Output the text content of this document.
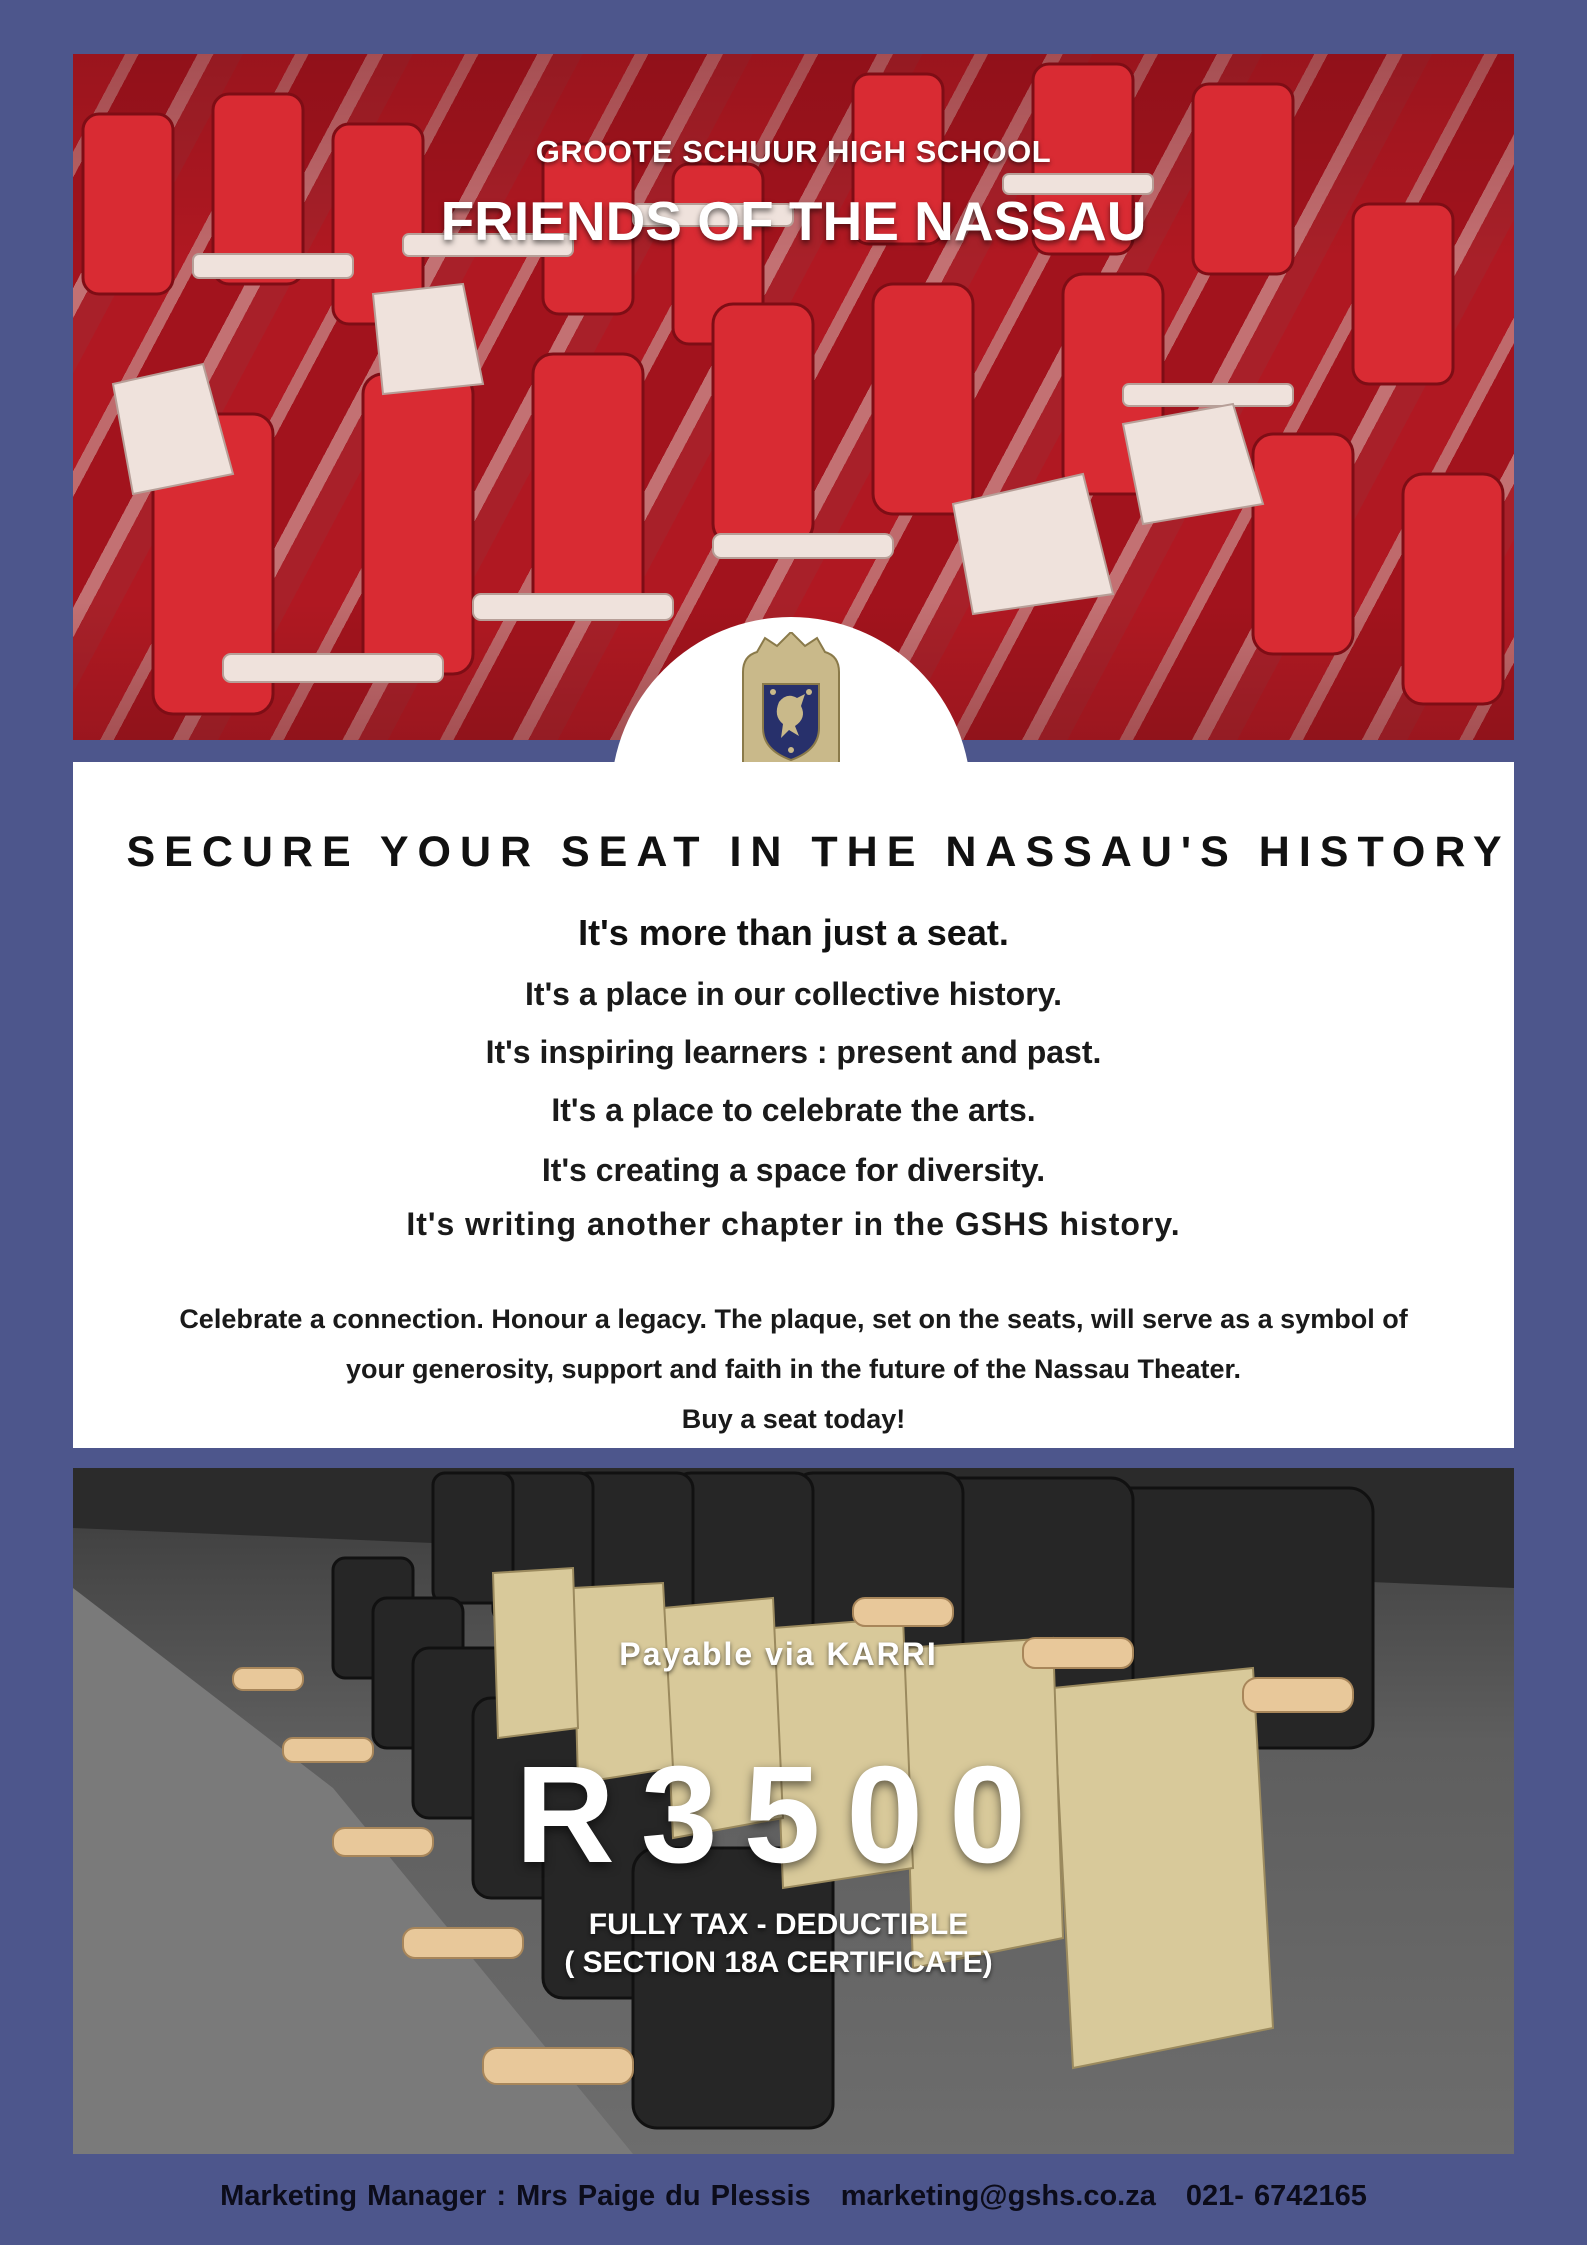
GROOTE SCHUUR HIGH SCHOOL
FRIENDS OF THE NASSAU
SECURE YOUR SEAT IN THE NASSAU'S HISTORY
It's more than just a seat.
It's a place in our collective history.
It's inspiring learners : present and past.
It's a place to celebrate the arts.
It's creating a space for diversity.
It's writing another chapter in the GSHS history.
Celebrate a connection. Honour a legacy. The plaque, set on the seats, will serve as a symbol of
your generosity, support and faith in the future of the Nassau Theater.
Buy a seat today!
Payable via KARRI
R3500
FULLY TAX - DEDUCTIBLE
( SECTION 18A CERTIFICATE)
Marketing Manager : Mrs Paige du Plessis marketing@gshs.co.za 021- 6742165
